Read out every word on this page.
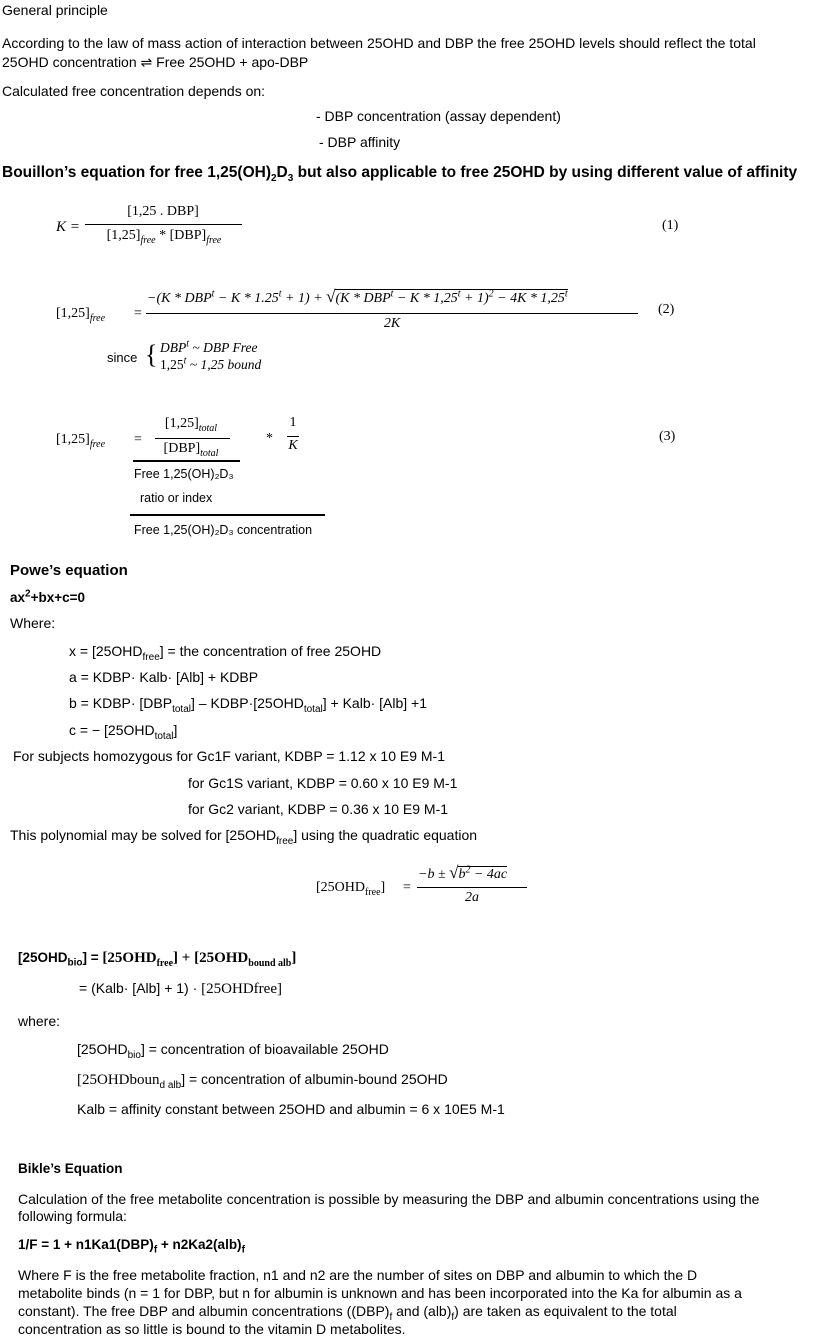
General principle
According to the law of mass action of interaction between 25OHD and DBP the free 25OHD levels should reflect the total
25OHD concentration ⇌ Free 25OHD + apo-DBP
Calculated free concentration depends on:
- DBP concentration (assay dependent)
- DBP affinity
Bouillon’s equation for free $1,25(OH)_2D_3$ but also applicable to free 25OHD by using different value of affinity
K =
[1,25 . DBP]
$[1,25]_{free} * [DBP]_{free}$
(1)
$[1,25]_{free}$ =
$-(K * DBP^t - K * 1.25^t + 1) + √(K * DBP^t - K * 1,25^t + 1)^2 - 4K * 1,25^t$
2K
(2)
since { DBP$^t$ ~ DBP Free
1,25$^t$ ~ 1,25 bound
$[1,25]_{free}$ =
$[1,25]_{total}$
$[DBP]_{total}$
*
1
K
(3)
Free 1,25(OH)₂D₃
ratio or index
Free 1,25(OH)₂D₃ concentration
Powe’s equation
$ax^2+bx+c=0$
Where:
$x = [25OHD_{free}]$ = the concentration of free 25OHD
a = KDBP· Kalb· [Alb] + KDBP
b = KDBP· $[DBP_{total}]$ – $KDBP\cdot[25OHD_{total}]$ + Kalb· [Alb] +1
c = − $[25OHD_{total}]$
For subjects homozygous for Gc1F variant, KDBP = 1.12 x 10 E9 M-1
for Gc1S variant, KDBP = 0.60 x 10 E9 M-1
for Gc2 variant, KDBP = 0.36 x 10 E9 M-1
This polynomial may be solved for $[25OHD_{free}]$ using the quadratic equation
$[25OHD_{free}]$ =
$-b \pm √b^2 - 4ac$
2a
$[25OHD_{bio}] = [25OHD_{free}] + [25OHD_{bound alb}]$
= (Kalb· [Alb] + 1) · [25OHDfree]
where:
$[25OHD_{bio}]$ = concentration of bioavailable 25OHD
[25OHDboun$_{d alb}$] = concentration of albumin-bound 25OHD
Kalb = affinity constant between 25OHD and albumin = 6 x 10E5 M-1
Bikle’s Equation
Calculation of the free metabolite concentration is possible by measuring the DBP and albumin concentrations using the
following formula:
$1/F = 1 + n1Ka1(DBP)_f + n2Ka2(alb)_f$
Where F is the free metabolite fraction, n1 and n2 are the number of sites on DBP and albumin to which the D
metabolite binds (n = 1 for DBP, but n for albumin is unknown and has been incorporated into the Ka for albumin as a
constant). The free DBP and albumin concentrations ($(DBP)_f$ and $(alb)_f$) are taken as equivalent to the total
concentration as so little is bound to the vitamin D metabolites.
